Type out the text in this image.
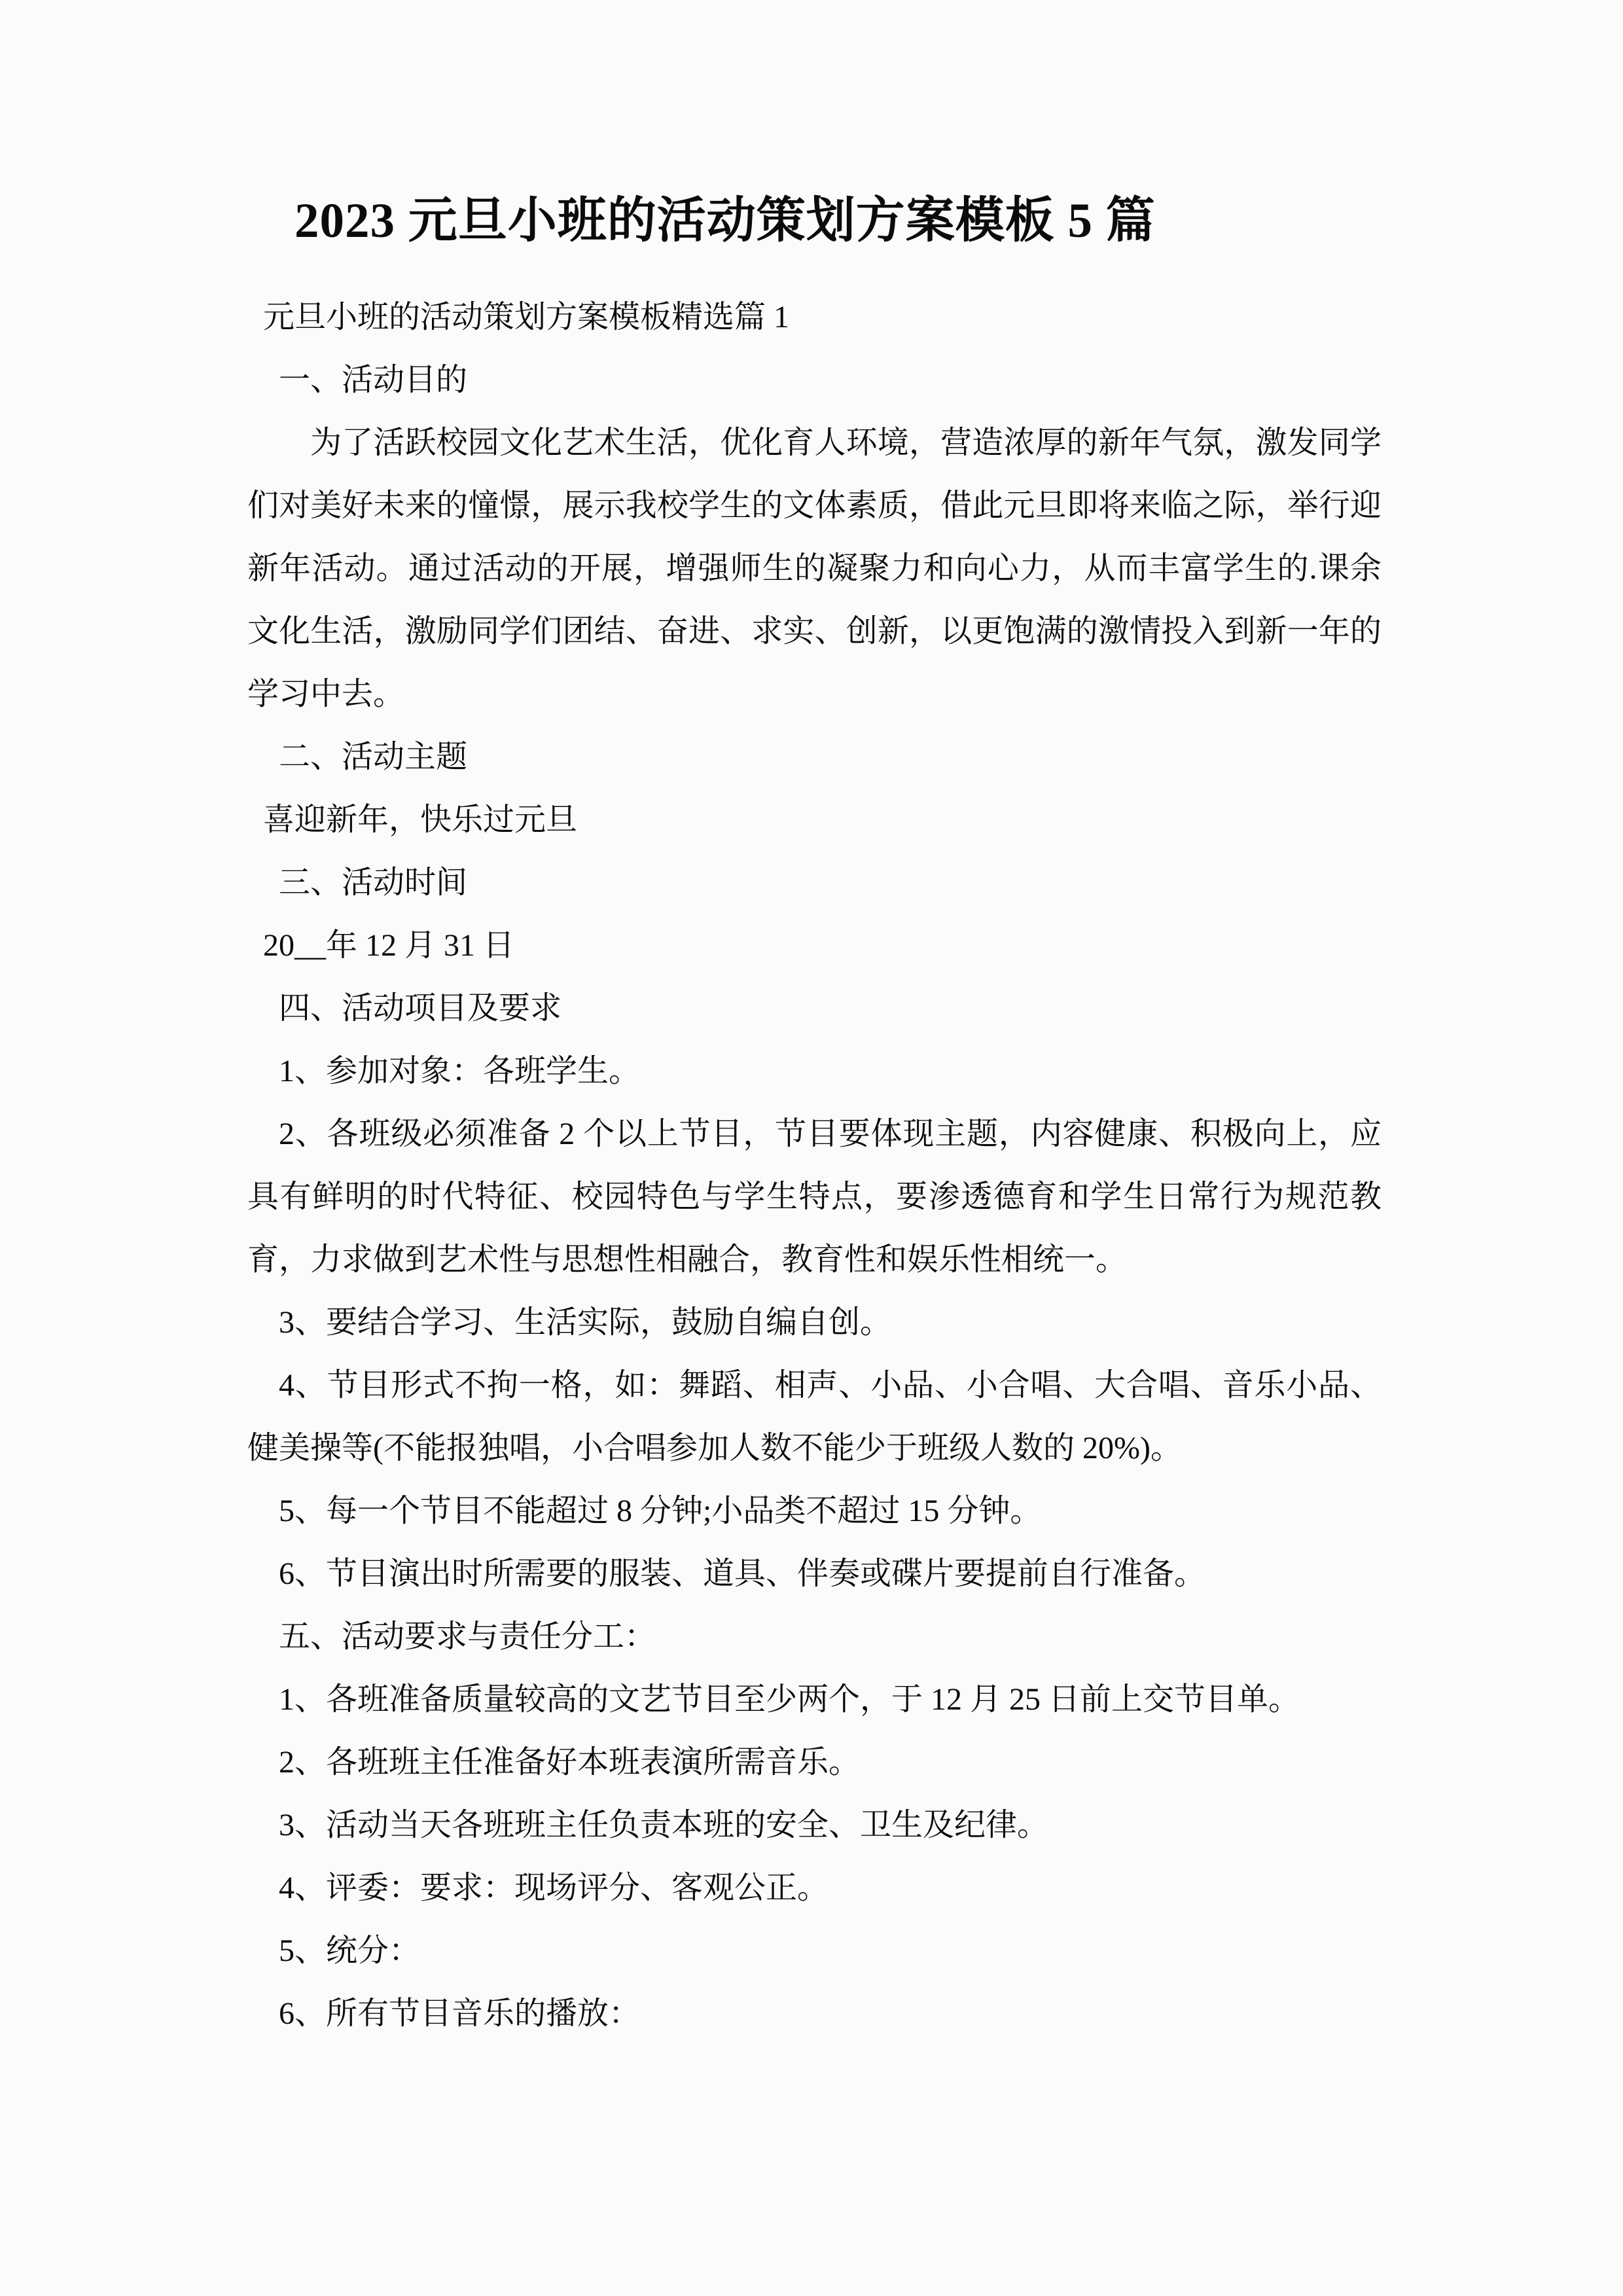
2023 元旦小班的活动策划方案模板 5 篇

元旦小班的活动策划方案模板精选篇 1

一、活动目的

为了活跃校园文化艺术生活，优化育人环境，营造浓厚的新年气氛，激发同学们对美好未来的憧憬，展示我校学生的文体素质，借此元旦即将来临之际，举行迎新年活动。通过活动的开展，增强师生的凝聚力和向心力，从而丰富学生的.课余文化生活，激励同学们团结、奋进、求实、创新，以更饱满的激情投入到新一年的学习中去。

二、活动主题

喜迎新年，快乐过元旦

三、活动时间

20__年 12 月 31 日

四、活动项目及要求

1、参加对象：各班学生。

2、各班级必须准备 2 个以上节目，节目要体现主题，内容健康、积极向上，应具有鲜明的时代特征、校园特色与学生特点，要渗透德育和学生日常行为规范教育，力求做到艺术性与思想性相融合，教育性和娱乐性相统一。

3、要结合学习、生活实际，鼓励自编自创。

4、节目形式不拘一格，如：舞蹈、相声、小品、小合唱、大合唱、音乐小品、健美操等(不能报独唱，小合唱参加人数不能少于班级人数的 20%)。

5、每一个节目不能超过 8 分钟;小品类不超过 15 分钟。

6、节目演出时所需要的服装、道具、伴奏或碟片要提前自行准备。

五、活动要求与责任分工：

1、各班准备质量较高的文艺节目至少两个，于 12 月 25 日前上交节目单。

2、各班班主任准备好本班表演所需音乐。

3、活动当天各班班主任负责本班的安全、卫生及纪律。

4、评委：要求：现场评分、客观公正。

5、统分：

6、所有节目音乐的播放：
